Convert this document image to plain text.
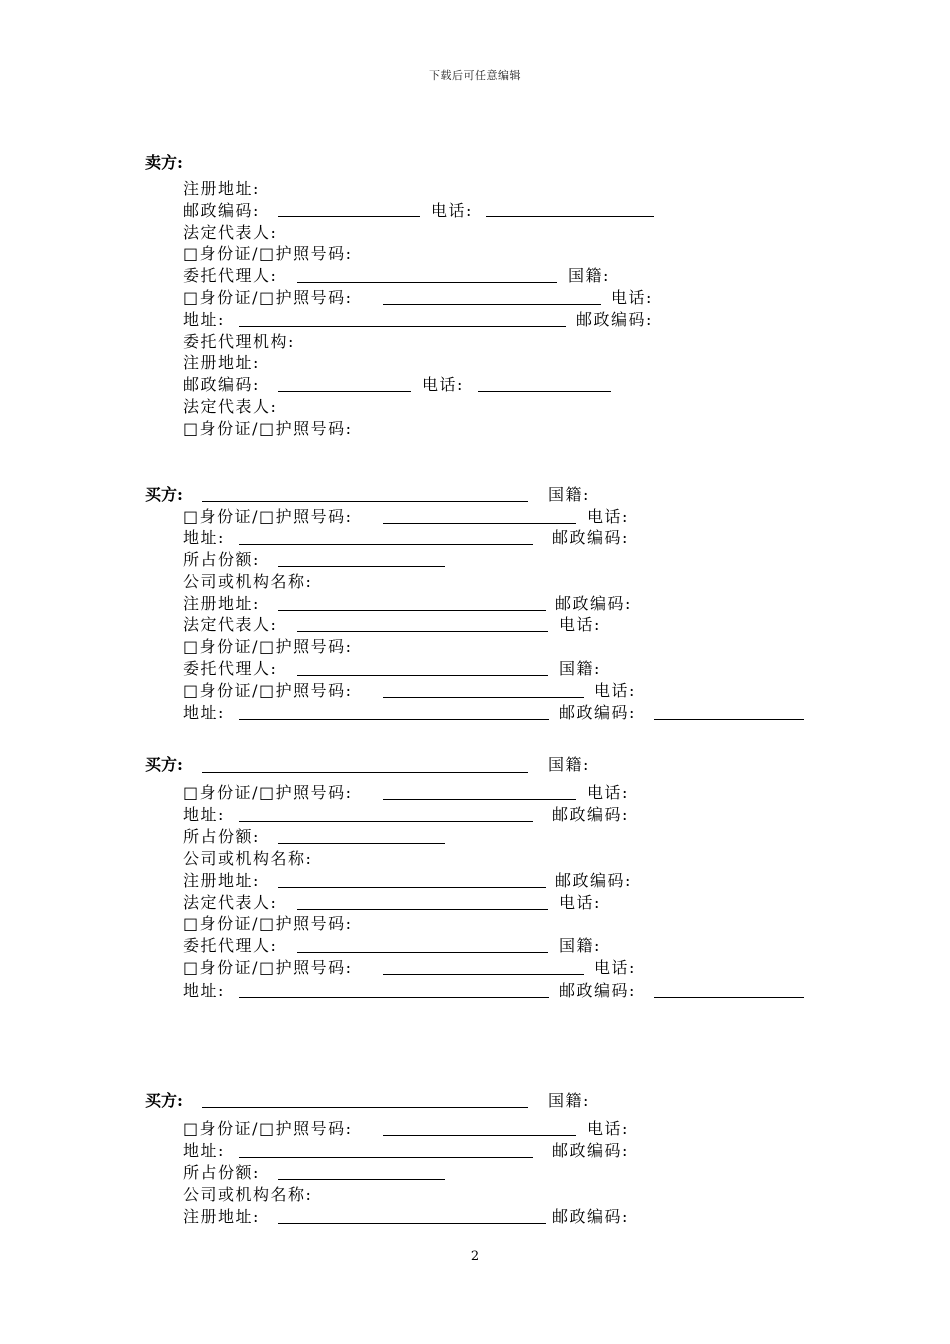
下载后可任意编辑
卖方:
注册地址:
邮政编码:	电话:
法定代表人:
□身份证/□护照号码:
委托代理人:	国籍:
□身份证/□护照号码:	电话:
地址:	邮政编码:
委托代理机构:
注册地址:
邮政编码:	电话:
法定代表人:
□身份证/□护照号码:
买方:	国籍:
□身份证/□护照号码:	电话:
地址:	邮政编码:
所占份额:
公司或机构名称:
注册地址:	邮政编码:
法定代表人:	电话:
□身份证/□护照号码:
委托代理人:	国籍:
□身份证/□护照号码:	电话:
地址:	邮政编码:
买方:	国籍:
□身份证/□护照号码:	电话:
地址:	邮政编码:
所占份额:
公司或机构名称:
注册地址:	邮政编码:
法定代表人:	电话:
□身份证/□护照号码:
委托代理人:	国籍:
□身份证/□护照号码:	电话:
地址:	邮政编码:
买方:	国籍:
□身份证/□护照号码:	电话:
地址:	邮政编码:
所占份额:
公司或机构名称:
注册地址:	邮政编码:
2
